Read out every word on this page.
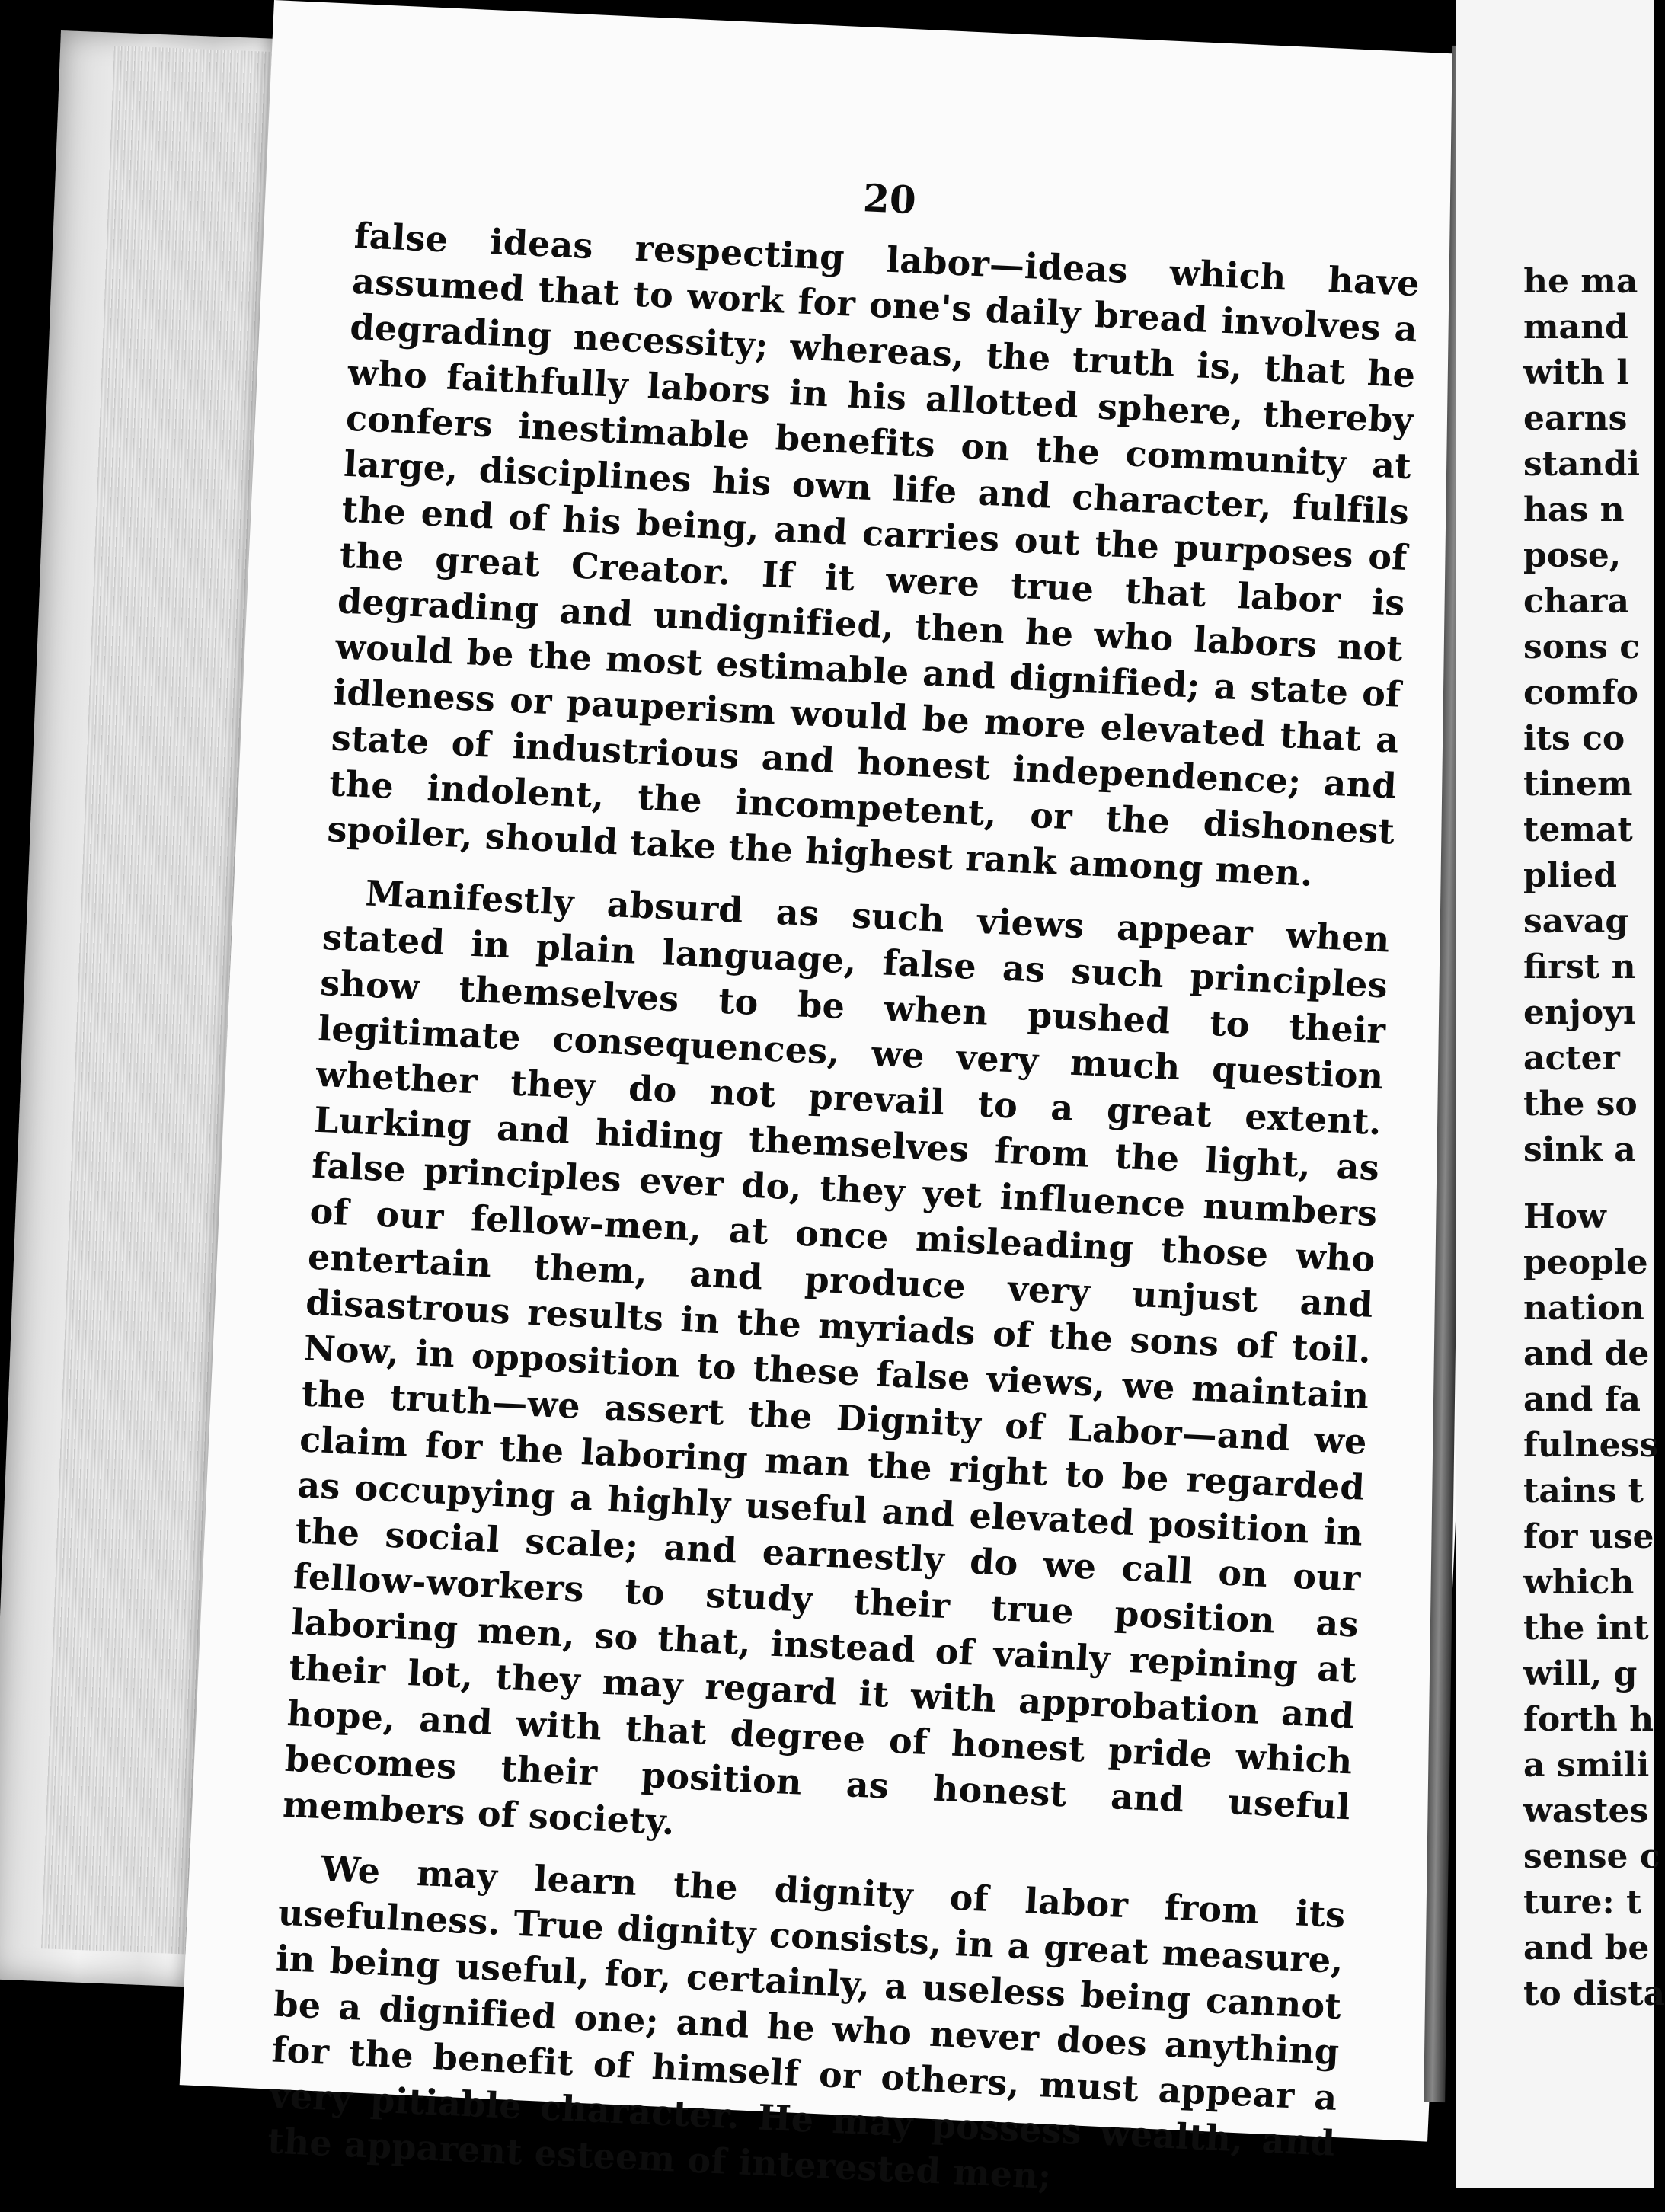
20

false ideas respecting labor—ideas which have assumed that to work for one's daily bread involves a degrading necessity; whereas, the truth is, that he who faithfully labors in his allotted sphere, thereby confers inestimable benefits on the community at large, disciplines his own life and character, fulfils the end of his being, and carries out the purposes of the great Creator. If it were true that labor is degrading and undignified, then he who labors not would be the most estimable and dignified; a state of idleness or pauperism would be more elevated that a state of industrious and honest independence; and the indolent, the incompetent, or the dishonest spoiler, should take the highest rank among men.

Manifestly absurd as such views appear when stated in plain language, false as such principles show themselves to be when pushed to their legitimate consequences, we very much question whether they do not prevail to a great extent. Lurking and hiding themselves from the light, as false principles ever do, they yet influence numbers of our fellow-men, at once misleading those who entertain them, and produce very unjust and disastrous results in the myriads of the sons of toil. Now, in opposition to these false views, we maintain the truth—we assert the Dignity of Labor—and we claim for the laboring man the right to be regarded as occupying a highly useful and elevated position in the social scale; and earnestly do we call on our fellow-workers to study their true position as laboring men, so that, instead of vainly repining at their lot, they may regard it with approbation and hope, and with that degree of honest pride which becomes their position as honest and useful members of society.

We may learn the dignity of labor from its usefulness. True dignity consists, in a great measure, in being useful, for, certainly, a useless being cannot be a dignified one; and he who never does anything for the benefit of himself or others, must appear a very pitiable character. He may possess wealth, and the apparent esteem of interested men;

he ma
mand
with l
earns
standi
has n
pose,
chara
sons c
comfo
its co
tinem
temat
plied
savag
first n
enjoyı
acter
the so
sink a
How
people
nation
and de
and fa
fulness
tains t
for use
which
the int
will, g
forth h
a smili
wastes
sense c
ture: t
and be
to dista
